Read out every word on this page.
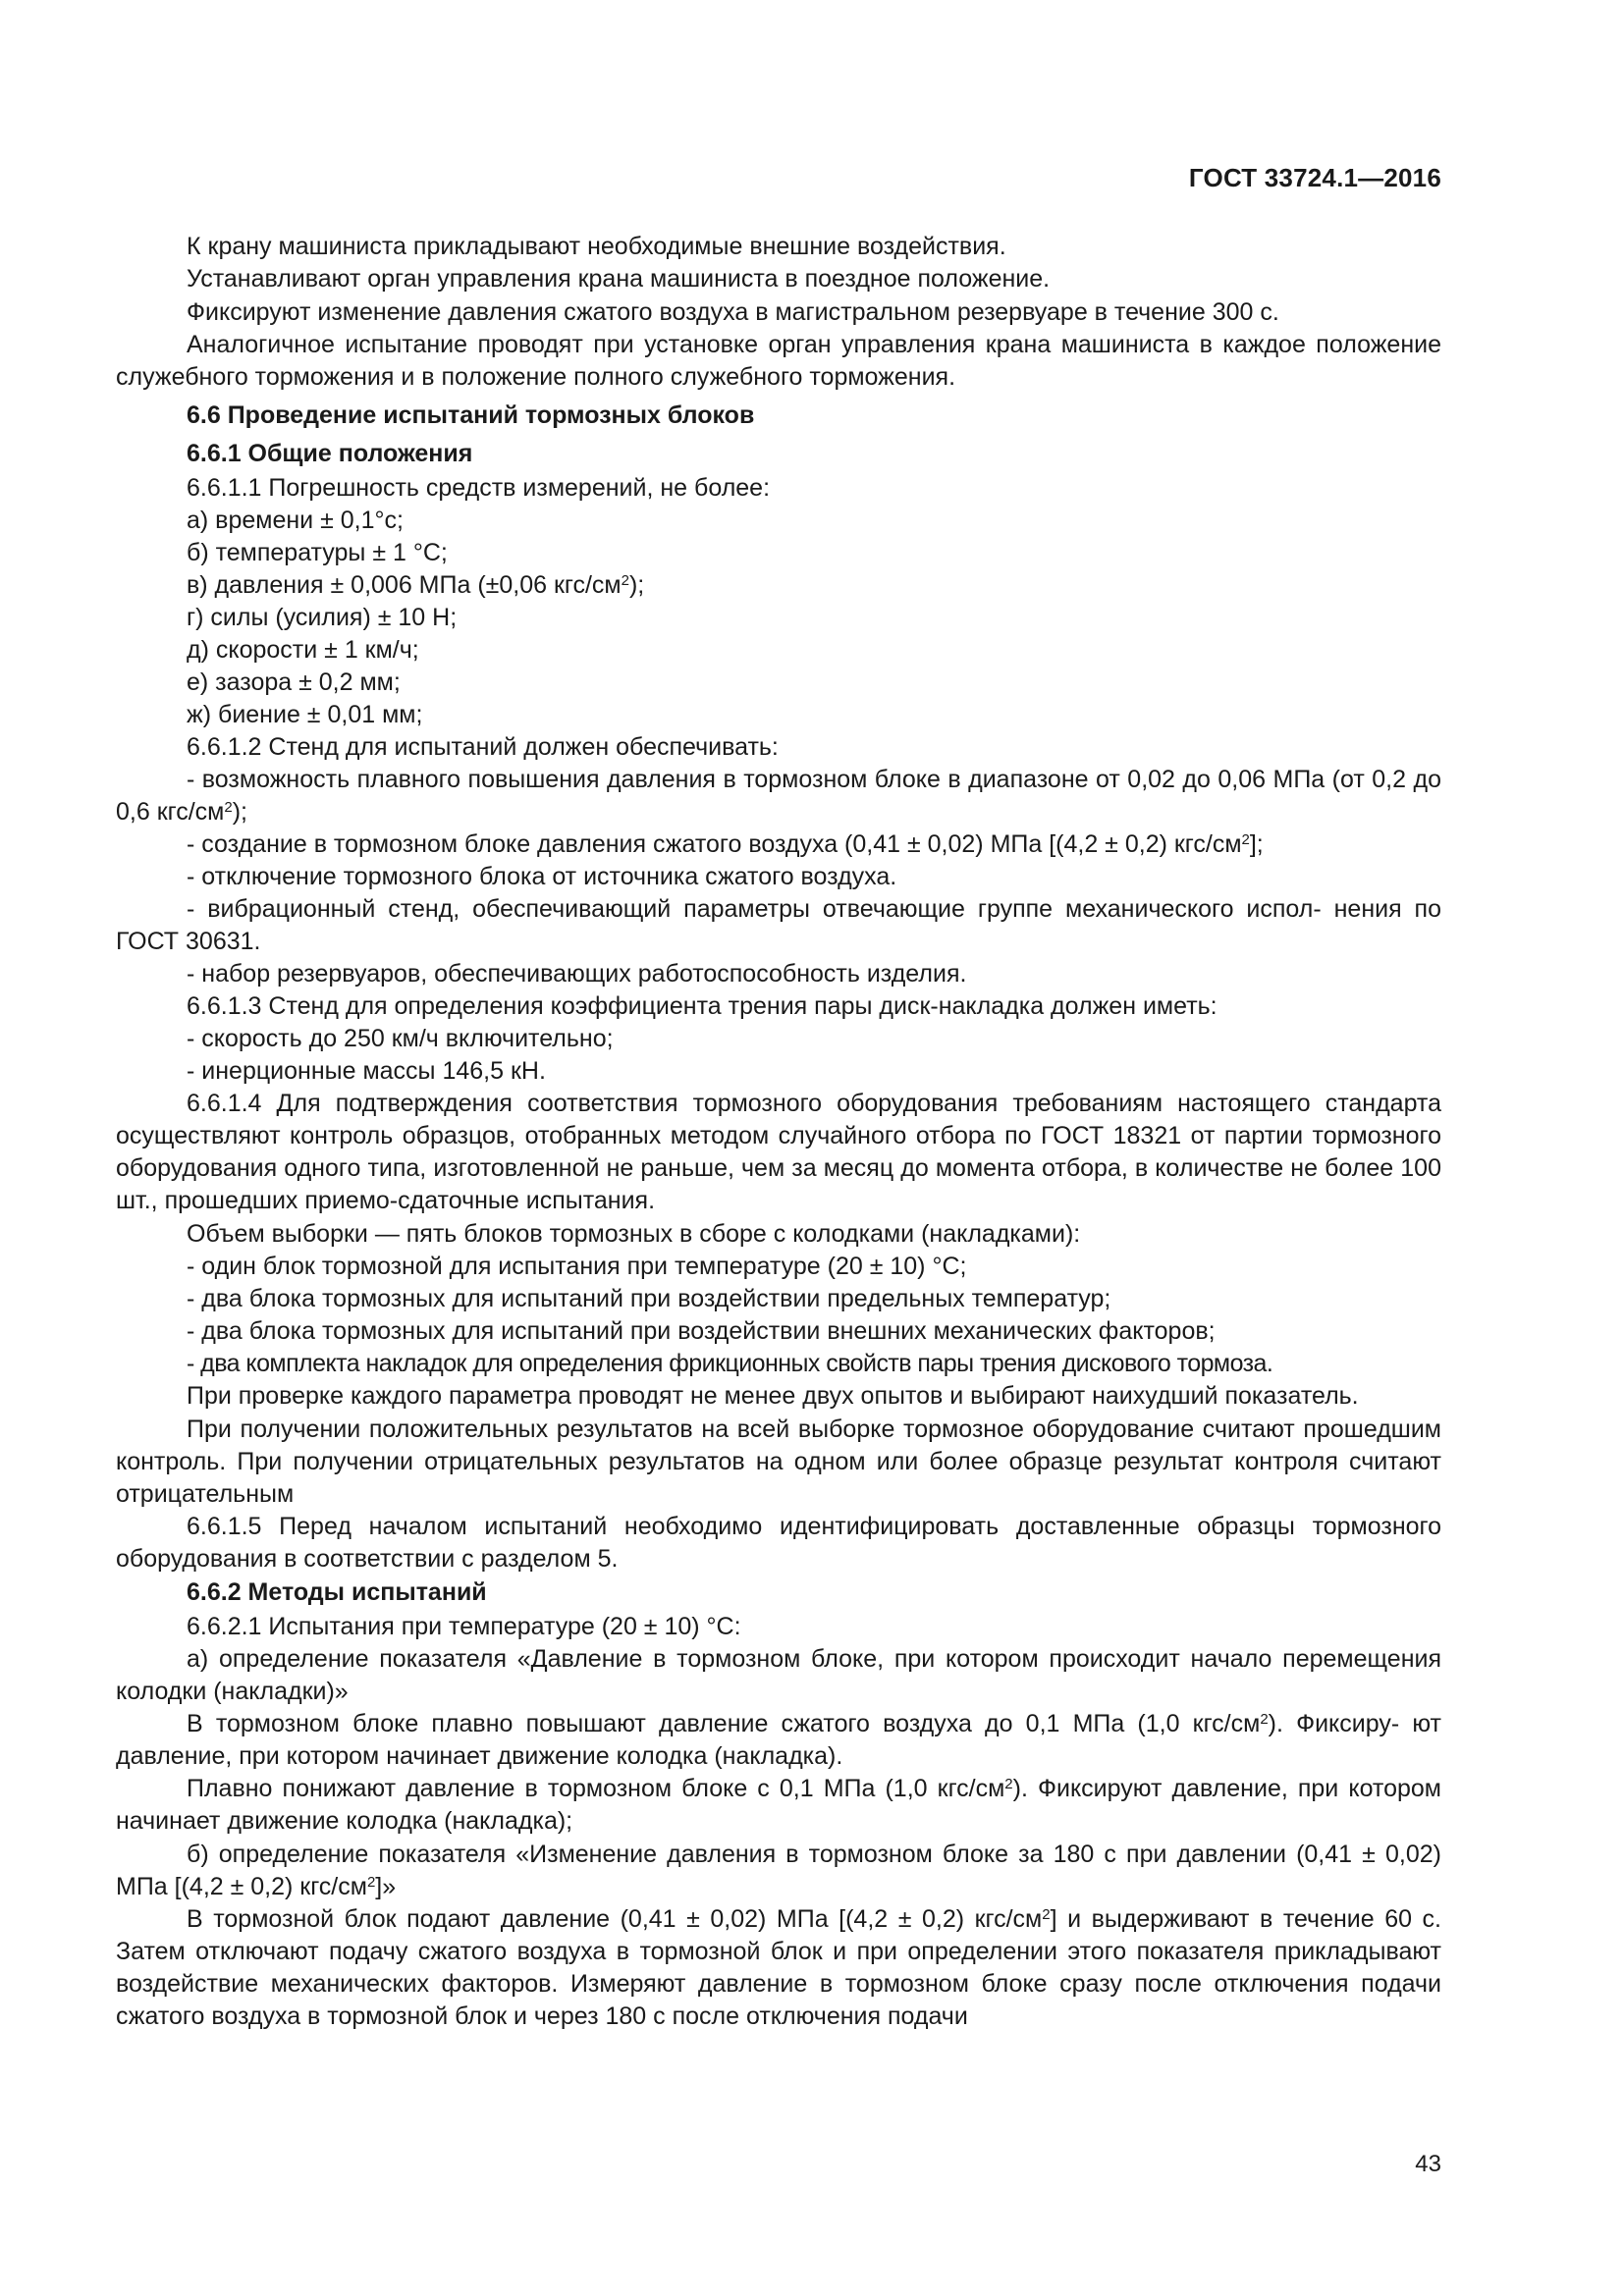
ГОСТ 33724.1—2016

К крану машиниста прикладывают необходимые внешние воздействия.

Устанавливают орган управления крана машиниста в поездное положение.

Фиксируют изменение давления сжатого воздуха в магистральном резервуаре в течение 300 с.

Аналогичное испытание проводят при установке орган управления крана машиниста в каждое положение служебного торможения и в положение полного служебного торможения.

6.6 Проведение испытаний тормозных блоков

6.6.1 Общие положения

6.6.1.1 Погрешность средств измерений, не более:

а) времени ± 0,1°с;

б) температуры ± 1 °С;

в) давления ± 0,006 МПа (±0,06 кгс/$см^2$);

г) силы (усилия) ± 10 Н;

д) скорости ± 1 км/ч;

е) зазора ± 0,2 мм;

ж) биение ± 0,01 мм;

6.6.1.2 Стенд для испытаний должен обеспечивать:

- возможность плавного повышения давления в тормозном блоке в диапазоне от 0,02 до 0,06 МПа (от 0,2 до 0,6 кгс/$см^2$);

- создание в тормозном блоке давления сжатого воздуха (0,41 ± 0,02) МПа [(4,2 ± 0,2) кгс/$см^2$];

- отключение тормозного блока от источника сжатого воздуха.

- вибрационный стенд, обеспечивающий параметры отвечающие группе механического испол- нения по ГОСТ 30631.

- набор резервуаров, обеспечивающих работоспособность изделия.

6.6.1.3 Стенд для определения коэффициента трения пары диск-накладка должен иметь:

- скорость до 250 км/ч включительно;

- инерционные массы 146,5 кН.

6.6.1.4 Для подтверждения соответствия тормозного оборудования требованиям настоящего стандарта осуществляют контроль образцов, отобранных методом случайного отбора по ГОСТ 18321 от партии тормозного оборудования одного типа, изготовленной не раньше, чем за месяц до момента отбора, в количестве не более 100 шт., прошедших приемо-сдаточные испытания.

Объем выборки — пять блоков тормозных в сборе с колодками (накладками):

- один блок тормозной для испытания при температуре (20 ± 10) °С;

- два блока тормозных для испытаний при воздействии предельных температур;

- два блока тормозных для испытаний при воздействии внешних механических факторов;

- два комплекта накладок для определения фрикционных свойств пары трения дискового тормоза.

При проверке каждого параметра проводят не менее двух опытов и выбирают наихудший показатель.

При получении положительных результатов на всей выборке тормозное оборудование считают прошедшим контроль. При получении отрицательных результатов на одном или более образце результат контроля считают отрицательным

6.6.1.5 Перед началом испытаний необходимо идентифицировать доставленные образцы тормозного оборудования в соответствии с разделом 5.

6.6.2 Методы испытаний

6.6.2.1 Испытания при температуре (20 ± 10) °С:

а) определение показателя «Давление в тормозном блоке, при котором происходит начало перемещения колодки (накладки)»

В тормозном блоке плавно повышают давление сжатого воздуха до 0,1 МПа (1,0 кгс/$см^2$). Фиксиру- ют давление, при котором начинает движение колодка (накладка).

Плавно понижают давление в тормозном блоке с 0,1 МПа (1,0 кгс/$см^2$). Фиксируют давление, при котором начинает движение колодка (накладка);

б) определение показателя «Изменение давления в тормозном блоке за 180 с при давлении (0,41 ± 0,02) МПа [(4,2 ± 0,2) кгс/$см^2$]»

В тормозной блок подают давление (0,41 ± 0,02) МПа [(4,2 ± 0,2) кгс/$см^2$] и выдерживают в течение 60 с. Затем отключают подачу сжатого воздуха в тормозной блок и при определении этого показателя прикладывают воздействие механических факторов. Измеряют давление в тормозном блоке сразу после отключения подачи сжатого воздуха в тормозной блок и через 180 с после отключения подачи

43
